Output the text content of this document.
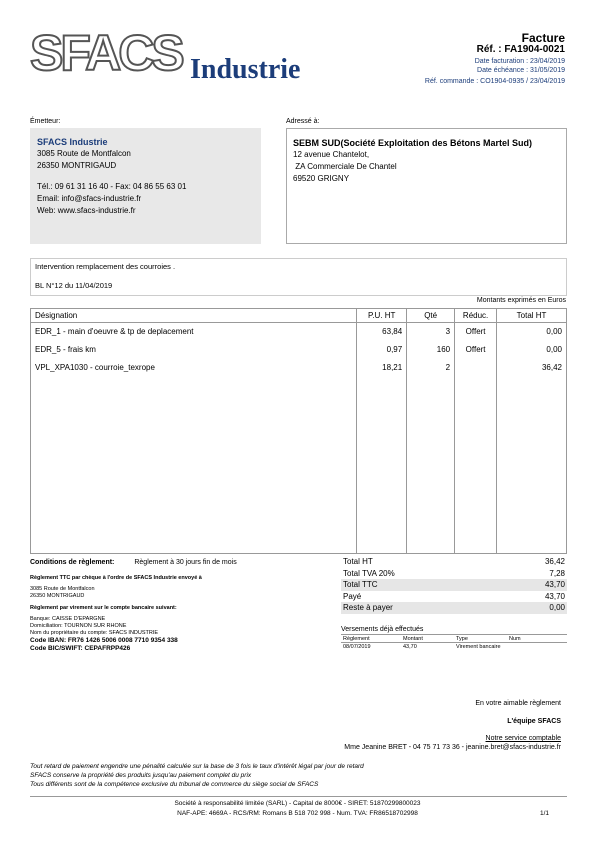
SFACS Industrie
Facture
Réf. : FA1904-0021
Date facturation : 23/04/2019
Date échéance : 31/05/2019
Réf. commande : CO1904-0935 / 23/04/2019
Émetteur:
SFACS Industrie
3085 Route de Montfalcon
26350 MONTRIGAUD
Tél.: 09 61 31 16 40 - Fax: 04 86 55 63 01
Email: info@sfacs-industrie.fr
Web: www.sfacs-industrie.fr
Adressé à:
SEBM SUD(Société Exploitation des Bétons Martel Sud)
12 avenue Chantelot,
ZA Commerciale De Chantel
69520 GRIGNY
Intervention remplacement des courroies .
BL N°12 du 11/04/2019
Montants exprimés en Euros
Désignation	P.U. HT	Qté	Réduc.	Total HT
EDR_1 - main d'oeuvre & tp de deplacement	63,84	3	Offert	0,00
EDR_5 - frais km	0,97	160	Offert	0,00
VPL_XPA1030 - courroie_texrope	18,21	2		36,42

Conditions de règlement:	Règlement à 30 jours fin de mois
Règlement TTC par chèque à l'ordre de SFACS Industrie envoyé à
3085 Route de Montfalcon
26350 MONTRIGAUD
Règlement par virement sur le compte bancaire suivant:
Banque: CAISSE D'EPARGNE
Domiciliation: TOURNON SUR RHONE
Nom du propriétaire du compte: SFACS INDUSTRIE
Code IBAN: FR76 1426 5006 0008 7710 9354 338
Code BIC/SWIFT: CEPAFRPP426
Total HT	36,42
Total TVA 20%	7,28
Total TTC	43,70
Payé	43,70
Reste à payer	0,00
Versements déjà effectués
Règlement	Montant	Type	Num
08/07/2019	43,70	Virement bancaire	
En votre aimable règlement
L'équipe SFACS
Notre service comptable
Mme Jeanine BRET - 04 75 71 73 36 - jeanine.bret@sfacs-industrie.fr
Tout retard de paiement engendre une pénalité calculée sur la base de 3 fois le taux d'intérêt légal par jour de retard
SFACS conserve la propriété des produits jusqu'au paiement complet du prix
Tous différents sont de la compétence exclusive du tribunal de commerce du siège social de SFACS
Société à responsabilité limitée (SARL) - Capital de 8000€ - SIRET: 51870299800023
NAF-APE: 4669A - RCS/RM: Romans B 518 702 998 - Num. TVA: FR86518702998	1/1
